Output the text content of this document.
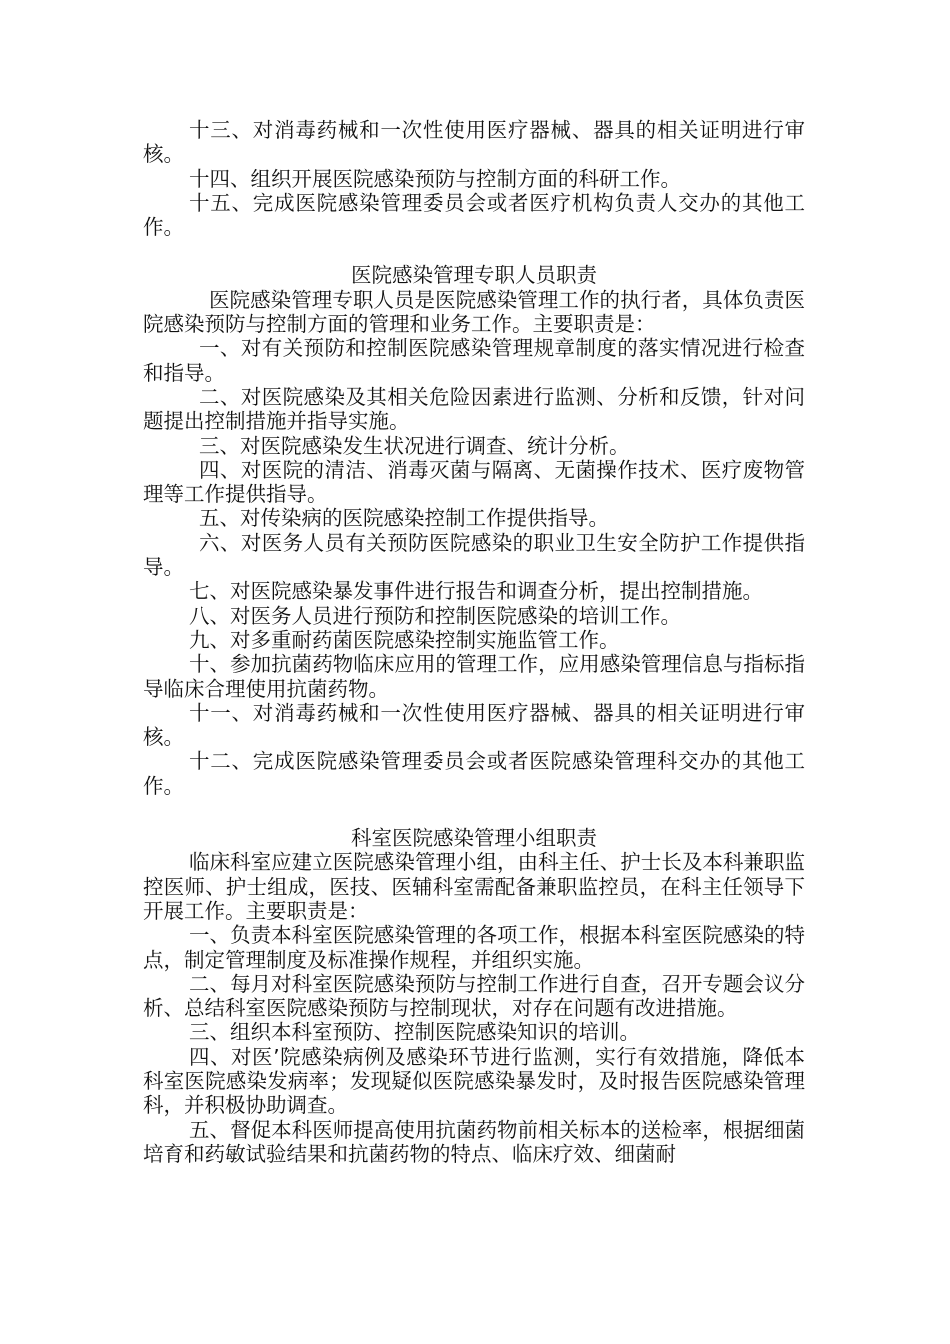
十三、对消毒药械和一次性使用医疗器械、器具的相关证明进行审核。

十四、组织开展医院感染预防与控制方面的科研工作。

十五、完成医院感染管理委员会或者医疗机构负责人交办的其他工作。

医院感染管理专职人员职责

医院感染管理专职人员是医院感染管理工作的执行者，具体负责医院感染预防与控制方面的管理和业务工作。主要职责是：

一、对有关预防和控制医院感染管理规章制度的落实情况进行检查和指导。

二、对医院感染及其相关危险因素进行监测、分析和反馈，针对问题提出控制措施并指导实施。

三、对医院感染发生状况进行调查、统计分析。

四、对医院的清洁、消毒灭菌与隔离、无菌操作技术、医疗废物管理等工作提供指导。

五、对传染病的医院感染控制工作提供指导。

六、对医务人员有关预防医院感染的职业卫生安全防护工作提供指导。

七、对医院感染暴发事件进行报告和调查分析，提出控制措施。

八、对医务人员进行预防和控制医院感染的培训工作。

九、对多重耐药菌医院感染控制实施监管工作。

十、参加抗菌药物临床应用的管理工作，应用感染管理信息与指标指导临床合理使用抗菌药物。

十一、对消毒药械和一次性使用医疗器械、器具的相关证明进行审核。

十二、完成医院感染管理委员会或者医院感染管理科交办的其他工作。

科室医院感染管理小组职责

临床科室应建立医院感染管理小组，由科主任、护士长及本科兼职监控医师、护士组成，医技、医辅科室需配备兼职监控员，在科主任领导下开展工作。主要职责是：

一、负责本科室医院感染管理的各项工作，根据本科室医院感染的特点，制定管理制度及标准操作规程，并组织实施。

二、每月对科室医院感染预防与控制工作进行自查，召开专题会议分析、总结科室医院感染预防与控制现状，对存在问题有改进措施。

三、组织本科室预防、控制医院感染知识的培训。

四、对医’院感染病例及感染环节进行监测，实行有效措施，降低本科室医院感染发病率；发现疑似医院感染暴发时，及时报告医院感染管理科，并积极协助调查。

五、督促本科医师提高使用抗菌药物前相关标本的送检率，根据细菌培育和药敏试验结果和抗菌药物的特点、临床疗效、细菌耐
